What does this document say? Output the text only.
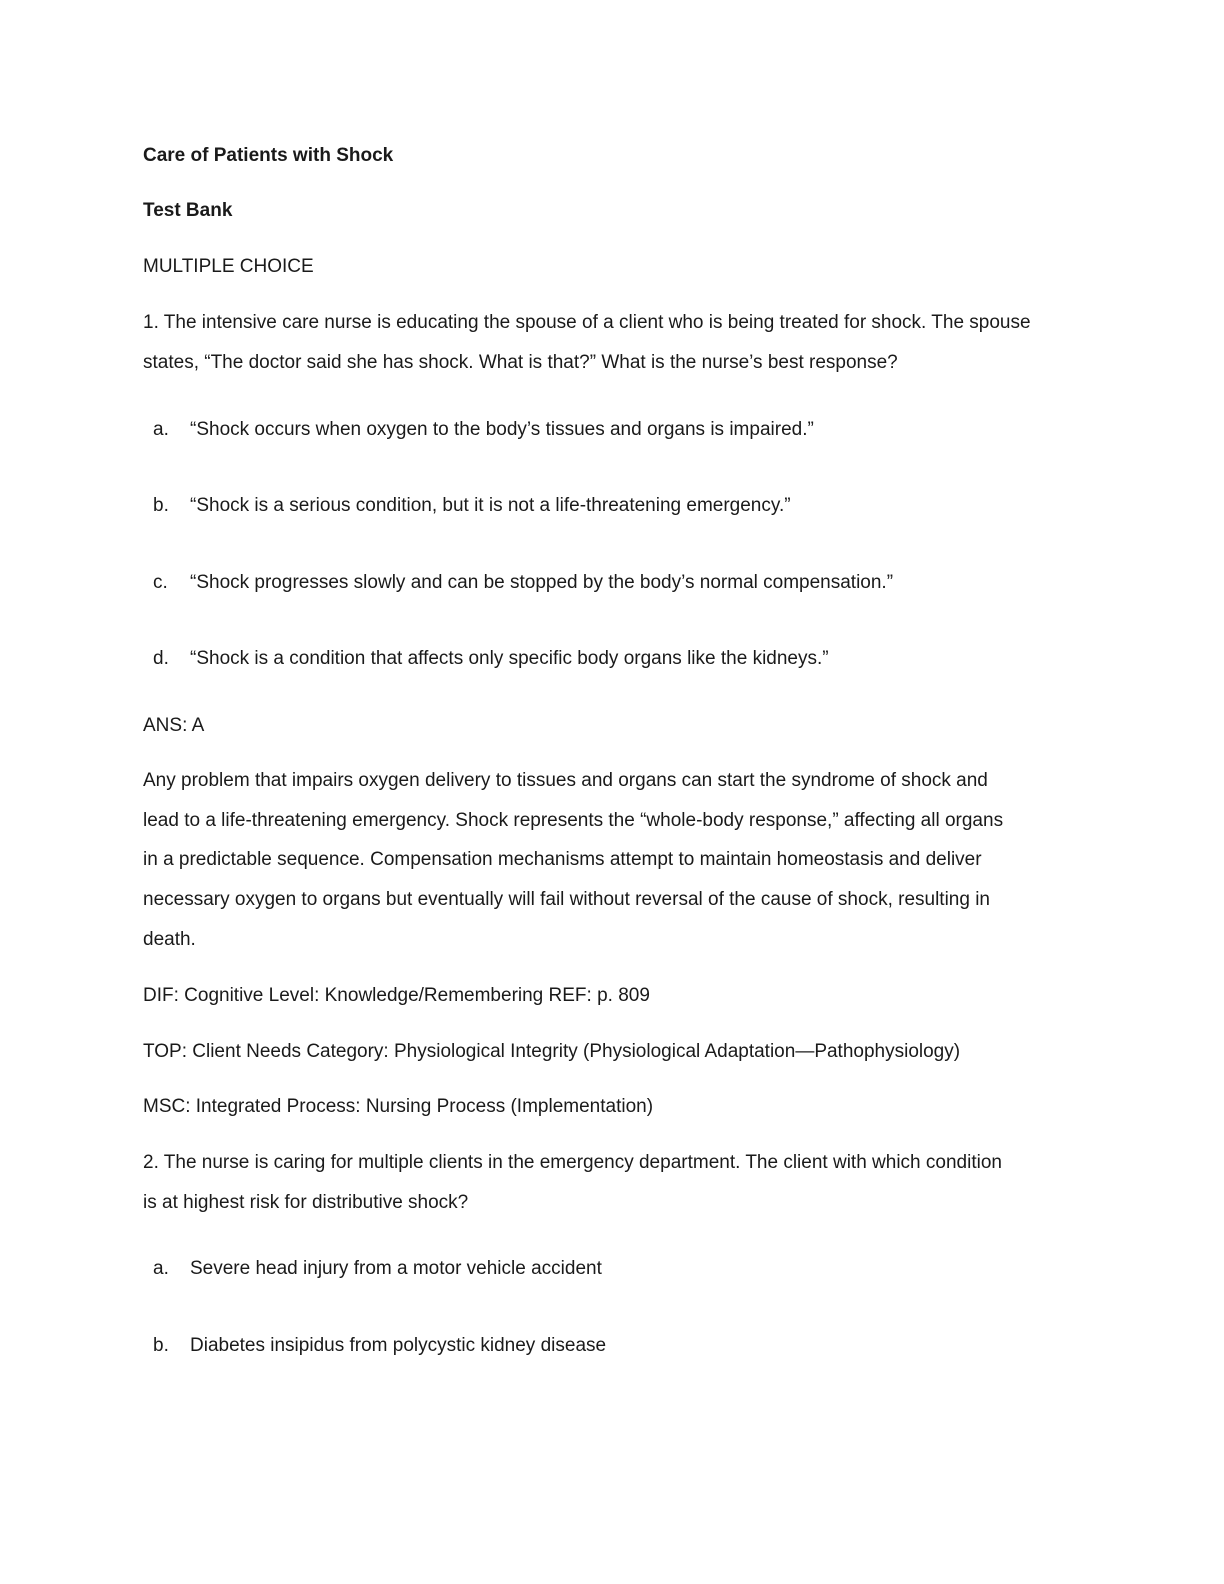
Care of Patients with Shock
Test Bank
MULTIPLE CHOICE
1. The intensive care nurse is educating the spouse of a client who is being treated for shock. The spouse
states, “The doctor said she has shock. What is that?” What is the nurse’s best response?
a. “Shock occurs when oxygen to the body’s tissues and organs is impaired.”
b. “Shock is a serious condition, but it is not a life-threatening emergency.”
c. “Shock progresses slowly and can be stopped by the body’s normal compensation.”
d. “Shock is a condition that affects only specific body organs like the kidneys.”
ANS: A
Any problem that impairs oxygen delivery to tissues and organs can start the syndrome of shock and
lead to a life-threatening emergency. Shock represents the “whole-body response,” affecting all organs
in a predictable sequence. Compensation mechanisms attempt to maintain homeostasis and deliver
necessary oxygen to organs but eventually will fail without reversal of the cause of shock, resulting in
death.
DIF: Cognitive Level: Knowledge/Remembering REF: p. 809
TOP: Client Needs Category: Physiological Integrity (Physiological Adaptation—Pathophysiology)
MSC: Integrated Process: Nursing Process (Implementation)
2. The nurse is caring for multiple clients in the emergency department. The client with which condition
is at highest risk for distributive shock?
a. Severe head injury from a motor vehicle accident
b. Diabetes insipidus from polycystic kidney disease
